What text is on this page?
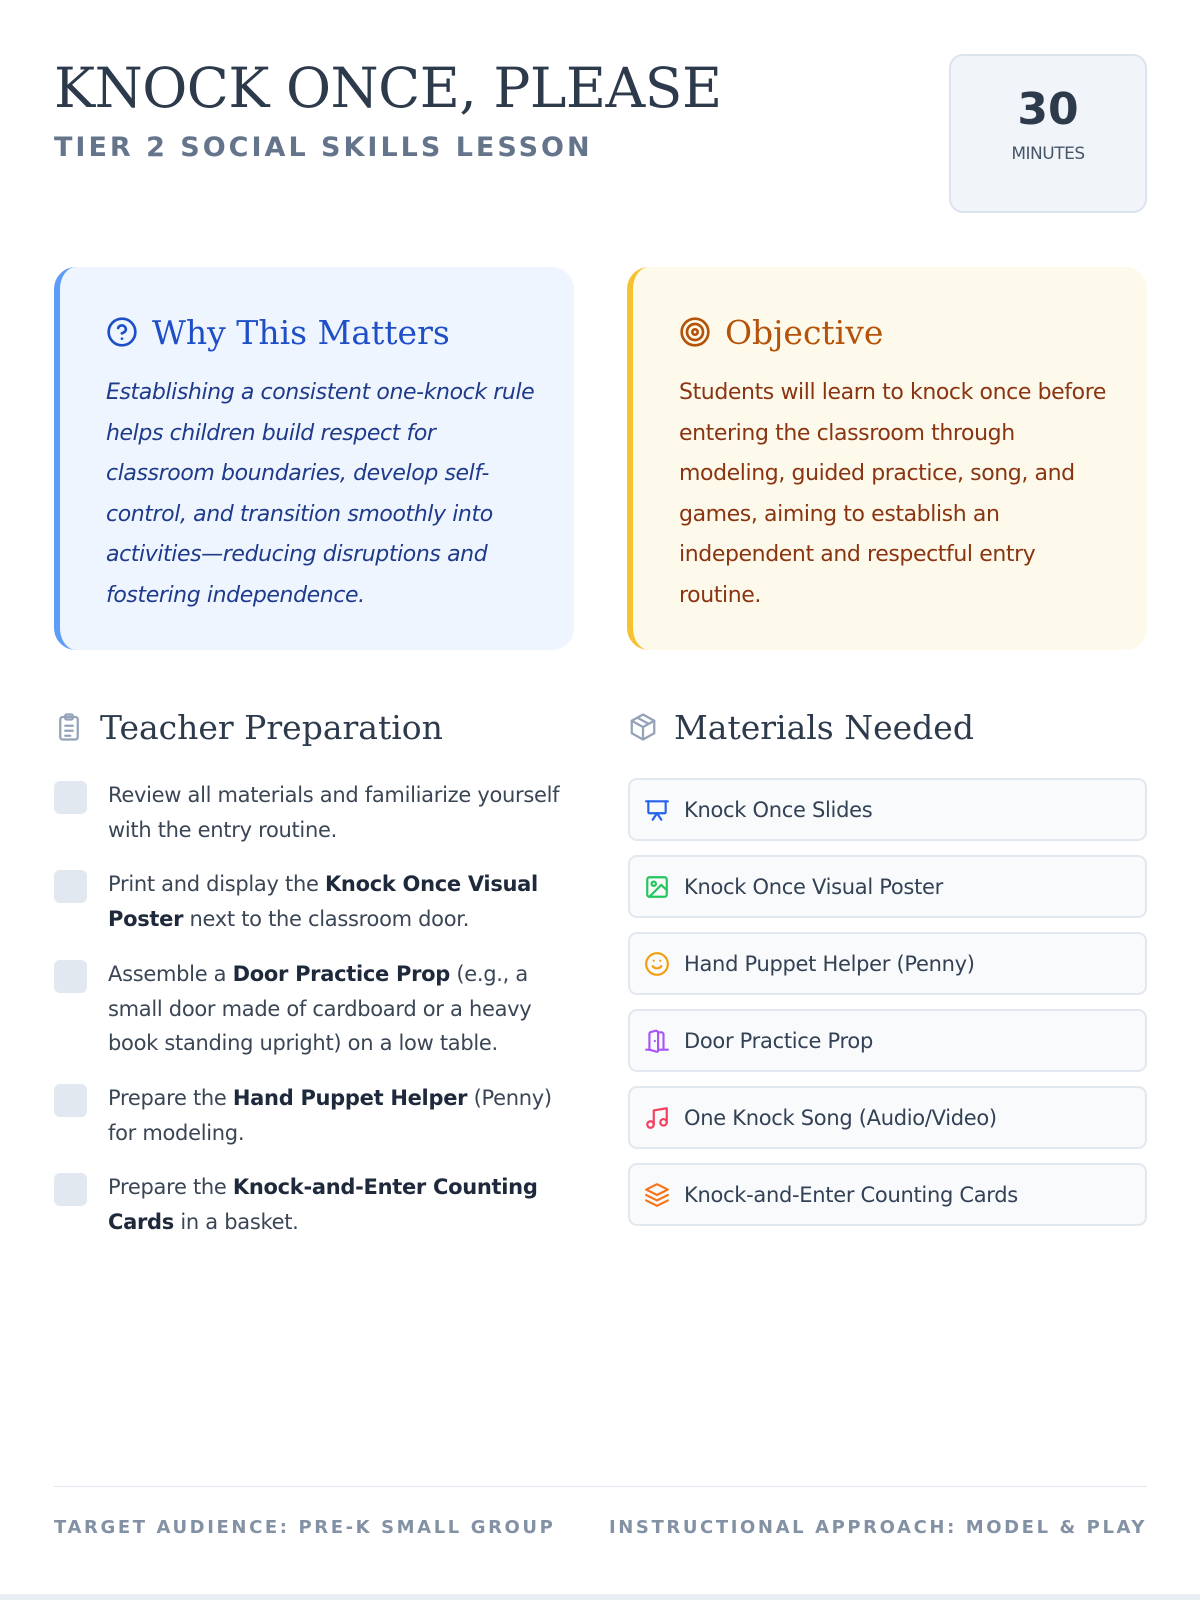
KNOCK ONCE, PLEASE
TIER 2 SOCIAL SKILLS LESSON
30
MINUTES
Why This Matters

Establishing a consistent one-knock rule helps children build respect for classroom boundaries, develop self-control, and transition smoothly into activities—reducing disruptions and fostering independence.

Objective

Students will learn to knock once before entering the classroom through modeling, guided practice, song, and games, aiming to establish an independent and respectful entry routine.

Teacher Preparation
Review all materials and familiarize yourself with the entry routine.
Print and display the Knock Once Visual Poster next to the classroom door.
Assemble a Door Practice Prop (e.g., a small door made of cardboard or a heavy book standing upright) on a low table.
Prepare the Hand Puppet Helper (Penny) for modeling.
Prepare the Knock-and-Enter Counting Cards in a basket.
Materials Needed
Knock Once Slides
Knock Once Visual Poster
Hand Puppet Helper (Penny)
Door Practice Prop
One Knock Song (Audio/Video)
Knock-and-Enter Counting Cards
TARGET AUDIENCE: PRE-K SMALL GROUP	INSTRUCTIONAL APPROACH: MODEL & PLAY
